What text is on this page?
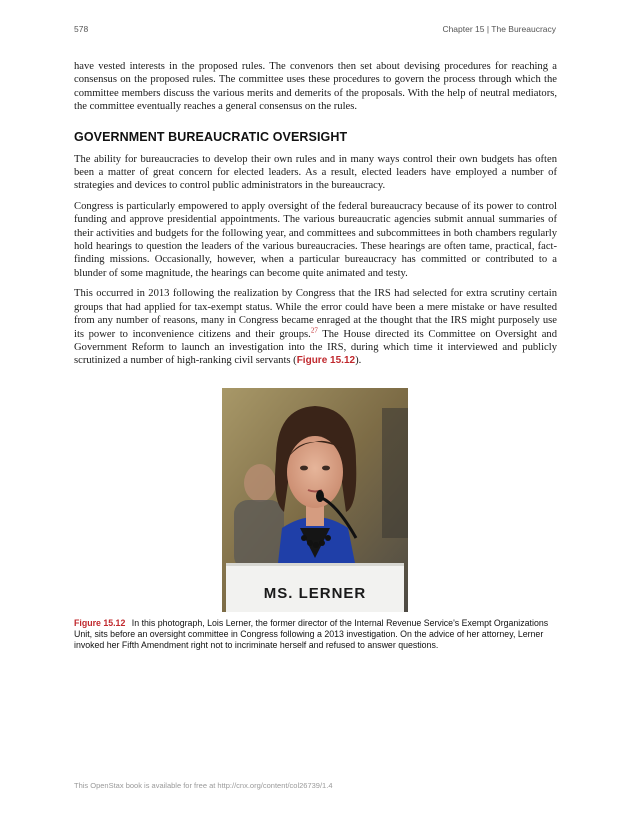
578	Chapter 15 | The Bureaucracy

have vested interests in the proposed rules. The convenors then set about devising procedures for reaching a consensus on the proposed rules. The committee uses these procedures to govern the process through which the committee members discuss the various merits and demerits of the proposals. With the help of neutral mediators, the committee eventually reaches a general consensus on the rules.

GOVERNMENT BUREAUCRATIC OVERSIGHT

The ability for bureaucracies to develop their own rules and in many ways control their own budgets has often been a matter of great concern for elected leaders. As a result, elected leaders have employed a number of strategies and devices to control public administrators in the bureaucracy.

Congress is particularly empowered to apply oversight of the federal bureaucracy because of its power to control funding and approve presidential appointments. The various bureaucratic agencies submit annual summaries of their activities and budgets for the following year, and committees and subcommittees in both chambers regularly hold hearings to question the leaders of the various bureaucracies. These hearings are often tame, practical, fact-finding missions. Occasionally, however, when a particular bureaucracy has committed or contributed to a blunder of some magnitude, the hearings can become quite animated and testy.

This occurred in 2013 following the realization by Congress that the IRS had selected for extra scrutiny certain groups that had applied for tax-exempt status. While the error could have been a mere mistake or have resulted from any number of reasons, many in Congress became enraged at the thought that the IRS might purposely use its power to inconvenience citizens and their groups.$^{27}$ The House directed its Committee on Oversight and Government Reform to launch an investigation into the IRS, during which time it interviewed and publicly scrutinized a number of high-ranking civil servants (Figure 15.12).

MS. LERNER
Figure 15.12 In this photograph, Lois Lerner, the former director of the Internal Revenue Service's Exempt Organizations Unit, sits before an oversight committee in Congress following a 2013 investigation. On the advice of her attorney, Lerner invoked her Fifth Amendment right not to incriminate herself and refused to answer questions.
This OpenStax book is available for free at http://cnx.org/content/col26739/1.4
